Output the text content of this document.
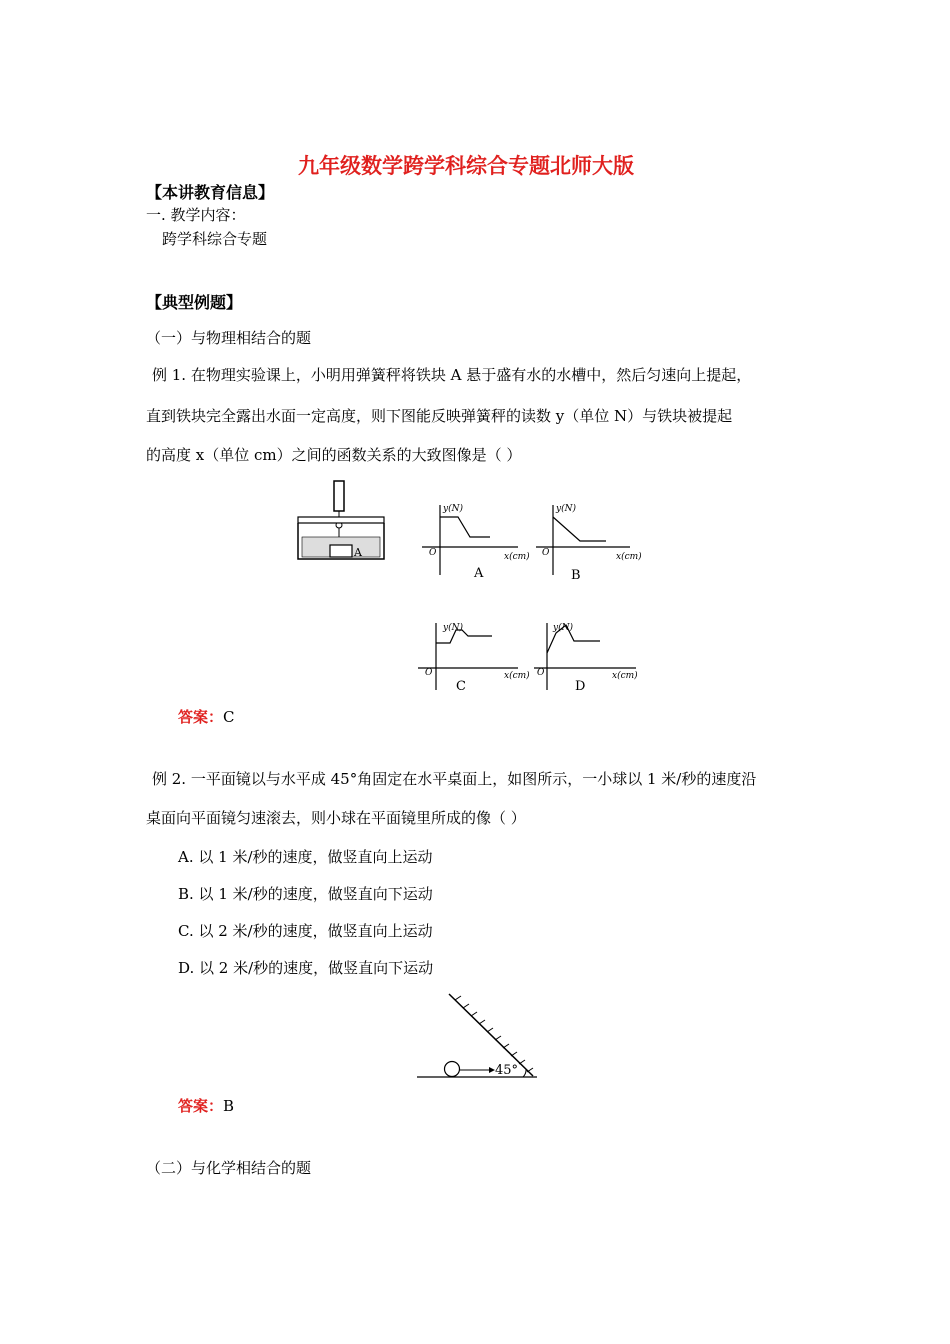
九年级数学跨学科综合专题北师大版
【本讲教育信息】
一. 教学内容：
跨学科综合专题
【典型例题】
（一）与物理相结合的题
例 1. 在物理实验课上，小明用弹簧秤将铁块 A 悬于盛有水的水槽中，然后匀速向上提起，
直到铁块完全露出水面一定高度，则下图能反映弹簧秤的读数 y（单位 N）与铁块被提起
的高度 x（单位 cm）之间的函数关系的大致图像是（ ）
A
y(N)
x(cm)
O
A
y(N)
x(cm)
O
B
y(N)
x(cm)
O
C
y(N)
x(cm)
O
D
答案：C
例 2. 一平面镜以与水平成 45°角固定在水平桌面上，如图所示，一小球以 1 米/秒的速度沿
桌面向平面镜匀速滚去，则小球在平面镜里所成的像（ ）
A. 以 1 米/秒的速度，做竖直向上运动
B. 以 1 米/秒的速度，做竖直向下运动
C. 以 2 米/秒的速度，做竖直向上运动
D. 以 2 米/秒的速度，做竖直向下运动
45°
答案：B
（二）与化学相结合的题
